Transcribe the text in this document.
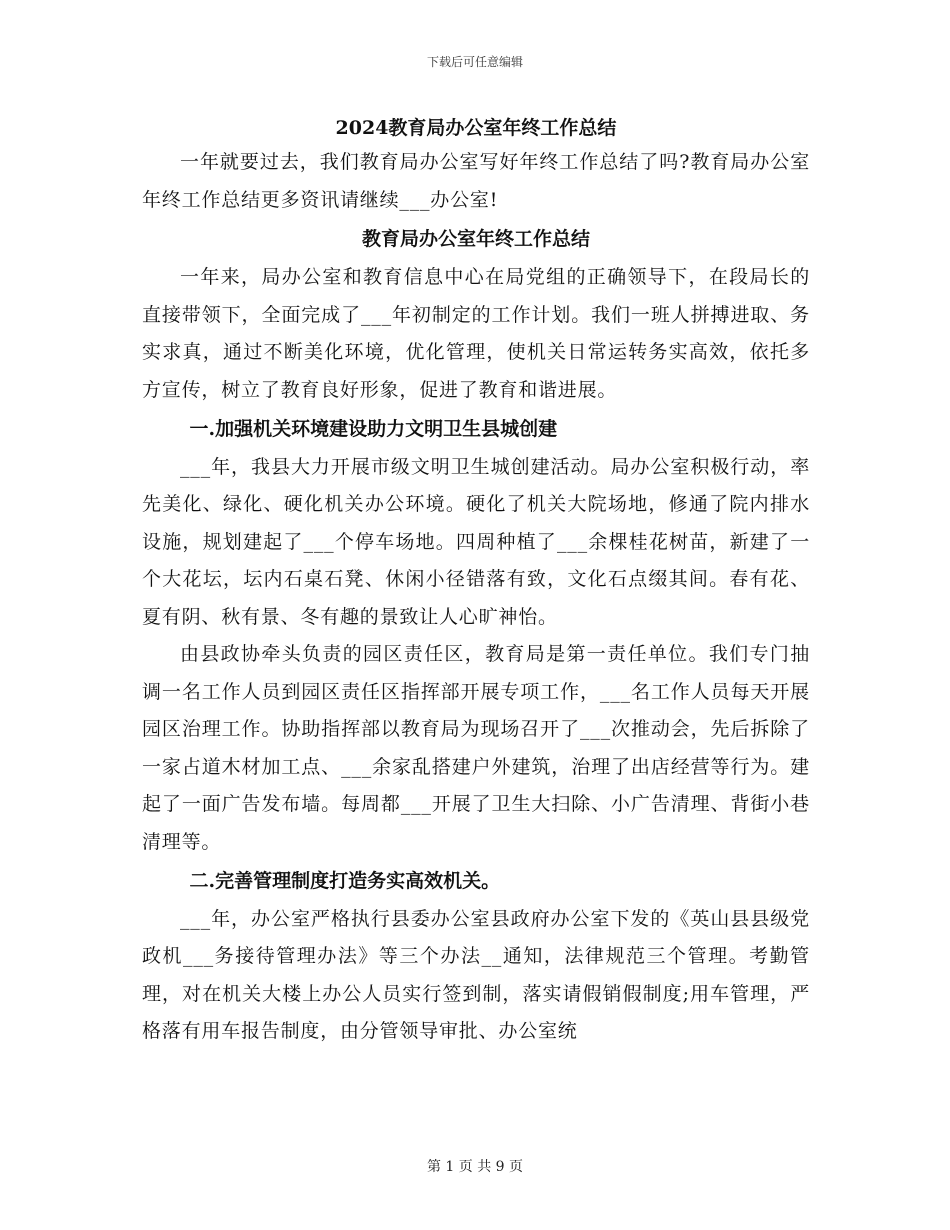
下载后可任意编辑
2024教育局办公室年终工作总结

一年就要过去，我们教育局办公室写好年终工作总结了吗?教育局办公室年终工作总结更多资讯请继续___办公室!

教育局办公室年终工作总结

一年来，局办公室和教育信息中心在局党组的正确领导下，在段局长的直接带领下，全面完成了___年初制定的工作计划。我们一班人拼搏进取、务实求真，通过不断美化环境，优化管理，使机关日常运转务实高效，依托多方宣传，树立了教育良好形象，促进了教育和谐进展。

一.加强机关环境建设助力文明卫生县城创建

___年，我县大力开展市级文明卫生城创建活动。局办公室积极行动，率先美化、绿化、硬化机关办公环境。硬化了机关大院场地，修通了院内排水设施，规划建起了___个停车场地。四周种植了___余棵桂花树苗，新建了一个大花坛，坛内石桌石凳、休闲小径错落有致，文化石点缀其间。春有花、夏有阴、秋有景、冬有趣的景致让人心旷神怡。

由县政协牵头负责的园区责任区，教育局是第一责任单位。我们专门抽调一名工作人员到园区责任区指挥部开展专项工作，___名工作人员每天开展园区治理工作。协助指挥部以教育局为现场召开了___次推动会，先后拆除了一家占道木材加工点、___余家乱搭建户外建筑，治理了出店经营等行为。建起了一面广告发布墙。每周都___开展了卫生大扫除、小广告清理、背街小巷清理等。

二.完善管理制度打造务实高效机关。

___年，办公室严格执行县委办公室县政府办公室下发的《英山县县级党政机___务接待管理办法》等三个办法__通知，法律规范三个管理。考勤管理，对在机关大楼上办公人员实行签到制，落实请假销假制度;用车管理，严格落有用车报告制度，由分管领导审批、办公室统

第 1 页 共 9 页
